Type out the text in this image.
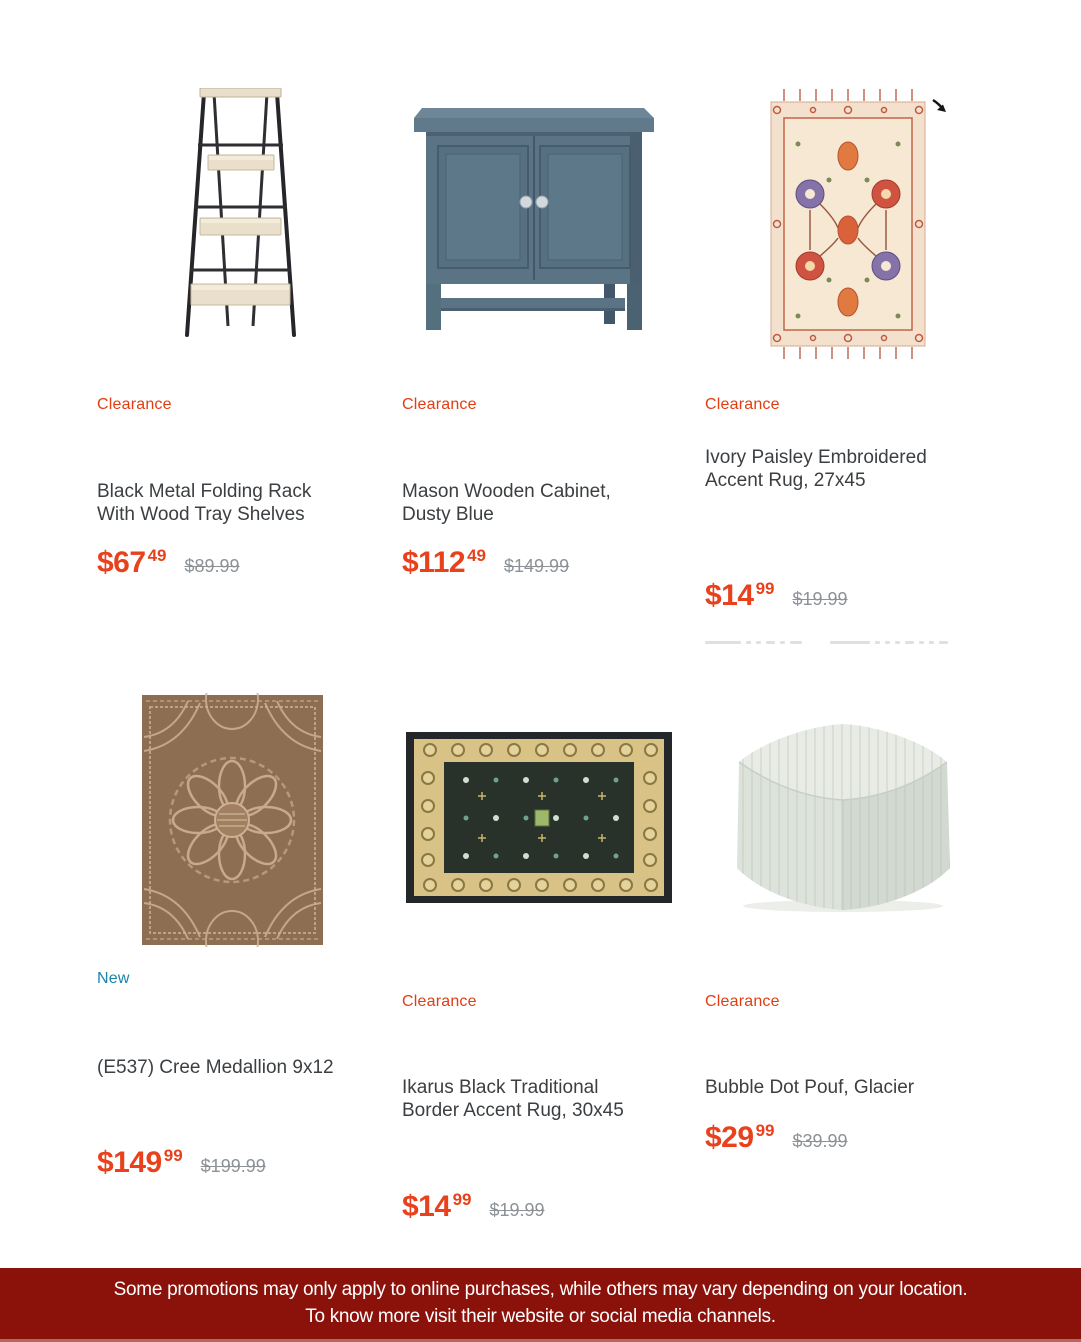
Clearance
Black Metal Folding Rack With Wood Tray Shelves
$67 $^{49}$\$89.99
Clearance
Mason Wooden Cabinet, Dusty Blue
$112 $^{49}$\$149.99
Clearance
Ivory Paisley Embroidered Accent Rug, 27x45
$14 $^{99}$\$19.99
New
(E537) Cree Medallion 9x12
$149 $^{99}$\$199.99
Clearance
Ikarus Black Traditional Border Accent Rug, 30x45
$14 $^{99}$\$19.99
Clearance
Bubble Dot Pouf, Glacier
$29 $^{99}$\$39.99

Some promotions may only apply to online purchases, while others may vary depending on your location.

To know more visit their website or social media channels.
